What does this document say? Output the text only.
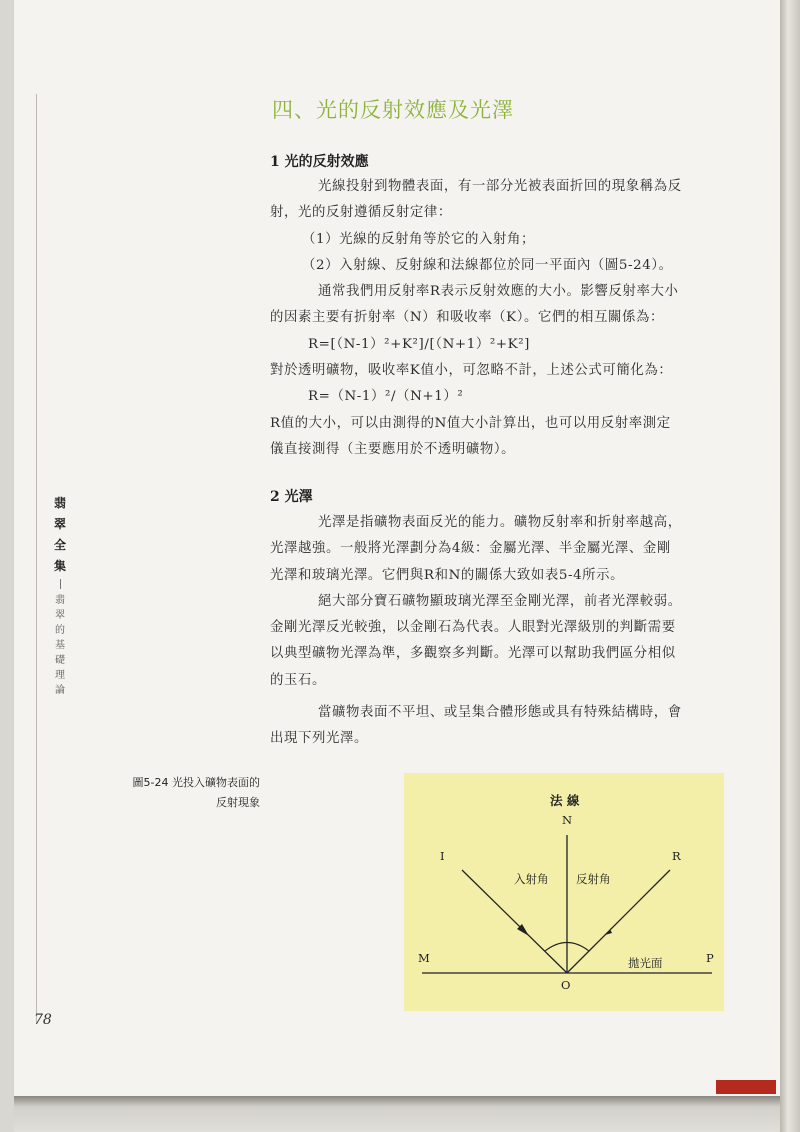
四、光的反射效應及光澤
1 光的反射效應

光線投射到物體表面，有一部分光被表面折回的現象稱為反

射，光的反射遵循反射定律：

（1）光線的反射角等於它的入射角；

（2）入射線、反射線和法線都位於同一平面內（圖5-24）。

通常我們用反射率R表示反射效應的大小。影響反射率大小

的因素主要有折射率（N）和吸收率（K）。它們的相互關係為：

R=[（N-1）²+K²]/[（N+1）²+K²]

對於透明礦物，吸收率K值小，可忽略不計，上述公式可簡化為：

R=（N-1）²/（N+1）²

R值的大小，可以由測得的N值大小計算出，也可以用反射率測定

儀直接測得（主要應用於不透明礦物）。

2 光澤

光澤是指礦物表面反光的能力。礦物反射率和折射率越高，

光澤越強。一般將光澤劃分為4級：金屬光澤、半金屬光澤、金剛

光澤和玻璃光澤。它們與R和N的關係大致如表5-4所示。

絕大部分寶石礦物顯玻璃光澤至金剛光澤，前者光澤較弱。

金剛光澤反光較強，以金剛石為代表。人眼對光澤級別的判斷需要

以典型礦物光澤為準，多觀察多判斷。光澤可以幫助我們區分相似

的玉石。

當礦物表面不平坦、或呈集合體形態或具有特殊結構時，會

出現下列光澤。

翡
翠
全
集
翡
翠
的
基
礎
理
論
圖5-24 光投入礦物表面的
反射現象	法 線
N
I	R
入射角 反射角
M	拋光面	P
O
78
